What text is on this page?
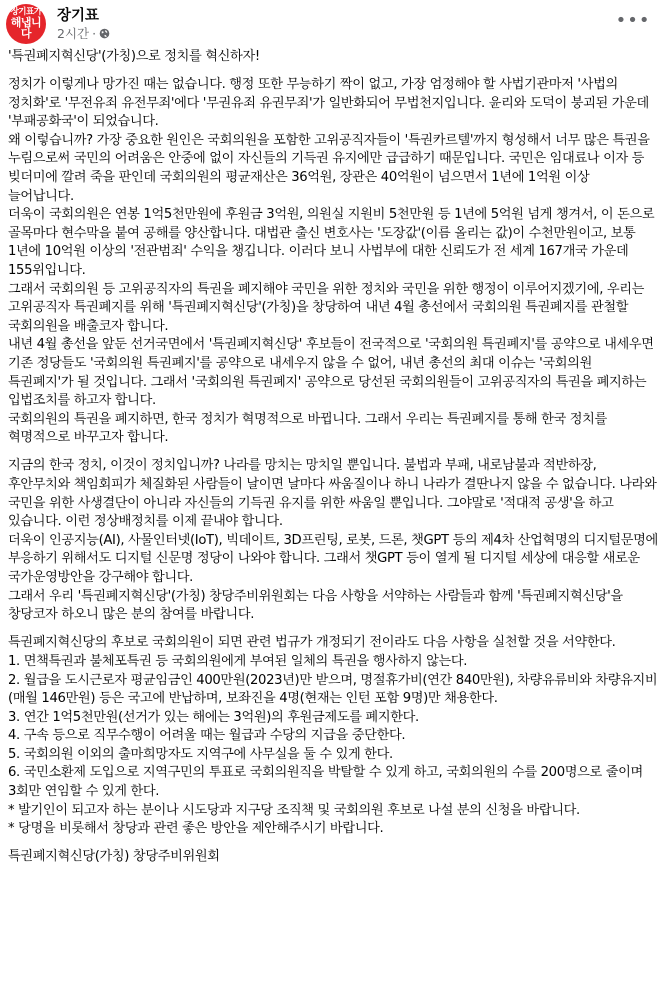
장기표가
해냅니다
장기표
2시간 ·
•••

'특권폐지혁신당'(가칭)으로 정치를 혁신하자!

정치가 이렇게나 망가진 때는 없습니다. 행정 또한 무능하기 짝이 없고, 가장 엄정해야 할 사법기관마저 '사법의 정치화'로 '무전유죄 유전무죄'에다 '무권유죄 유권무죄'가 일반화되어 무법천지입니다. 윤리와 도덕이 붕괴된 가운데 '부패공화국'이 되었습니다.

왜 이렇습니까? 가장 중요한 원인은 국회의원을 포함한 고위공직자들이 '특권카르텔'까지 형성해서 너무 많은 특권을 누림으로써 국민의 어려움은 안중에 없이 자신들의 기득권 유지에만 급급하기 때문입니다. 국민은 임대료나 이자 등 빚더미에 깔려 죽을 판인데 국회의원의 평균재산은 36억원, 장관은 40억원이 넘으면서 1년에 1억원 이상 늘어납니다.

더욱이 국회의원은 연봉 1억5천만원에 후원금 3억원, 의원실 지원비 5천만원 등 1년에 5억원 넘게 챙겨서, 이 돈으로 골목마다 현수막을 붙여 공해를 양산합니다. 대법관 출신 변호사는 '도장값'(이름 올리는 값)이 수천만원이고, 보통 1년에 10억원 이상의 '전관범죄' 수익을 챙깁니다. 이러다 보니 사법부에 대한 신뢰도가 전 세계 167개국 가운데 155위입니다.

그래서 국회의원 등 고위공직자의 특권을 폐지해야 국민을 위한 정치와 국민을 위한 행정이 이루어지겠기에, 우리는 고위공직자 특권폐지를 위해 '특권폐지혁신당'(가칭)을 창당하여 내년 4월 총선에서 국회의원 특권폐지를 관철할 국회의원을 배출코자 합니다.

내년 4월 총선을 앞둔 선거국면에서 '특권폐지혁신당' 후보들이 전국적으로 '국회의원 특권폐지'를 공약으로 내세우면 기존 정당들도 '국회의원 특권폐지'를 공약으로 내세우지 않을 수 없어, 내년 총선의 최대 이슈는 '국회의원 특권폐지'가 될 것입니다. 그래서 '국회의원 특권폐지' 공약으로 당선된 국회의원들이 고위공직자의 특권을 폐지하는 입법조치를 하고자 합니다.

국회의원의 특권을 폐지하면, 한국 정치가 혁명적으로 바뀝니다. 그래서 우리는 특권폐지를 통해 한국 정치를 혁명적으로 바꾸고자 합니다.

지금의 한국 정치, 이것이 정치입니까? 나라를 망치는 망치일 뿐입니다. 불법과 부패, 내로남불과 적반하장, 후안무치와 책임회피가 체질화된 사람들이 날이면 날마다 싸움질이나 하니 나라가 결딴나지 않을 수 없습니다. 나라와 국민을 위한 사생결단이 아니라 자신들의 기득권 유지를 위한 싸움일 뿐입니다. 그야말로 '적대적 공생'을 하고 있습니다. 이런 정상배정치를 이제 끝내야 합니다.

더욱이 인공지능(AI), 사물인터넷(IoT), 빅데이트, 3D프린팅, 로봇, 드론, 챗GPT 등의 제4차 산업혁명의 디지털문명에 부응하기 위해서도 디지털 신문명 정당이 나와야 합니다. 그래서 챗GPT 등이 열게 될 디지털 세상에 대응할 새로운 국가운영방안을 강구해야 합니다.

그래서 우리 '특권폐지혁신당'(가칭) 창당주비위원회는 다음 사항을 서약하는 사람들과 함께 '특권폐지혁신당'을 창당코자 하오니 많은 분의 참여를 바랍니다.

특권폐지혁신당의 후보로 국회의원이 되면 관련 법규가 개정되기 전이라도 다음 사항을 실천할 것을 서약한다.

1. 면책특권과 불체포특권 등 국회의원에게 부여된 일체의 특권을 행사하지 않는다.

2. 월급을 도시근로자 평균임금인 400만원(2023년)만 받으며, 명절휴가비(연간 840만원), 차량유류비와 차량유지비(매월 146만원) 등은 국고에 반납하며, 보좌진을 4명(현재는 인턴 포함 9명)만 채용한다.

3. 연간 1억5천만원(선거가 있는 해에는 3억원)의 후원금제도를 폐지한다.

4. 구속 등으로 직무수행이 어려울 때는 월급과 수당의 지급을 중단한다.

5. 국회의원 이외의 출마희망자도 지역구에 사무실을 둘 수 있게 한다.

6. 국민소환제 도입으로 지역구민의 투표로 국회의원직을 박탈할 수 있게 하고, 국회의원의 수를 200명으로 줄이며 3회만 연임할 수 있게 한다.

* 발기인이 되고자 하는 분이나 시도당과 지구당 조직책 및 국회의원 후보로 나설 분의 신청을 바랍니다.

* 당명을 비롯해서 창당과 관련 좋은 방안을 제안해주시기 바랍니다.

특권폐지혁신당(가칭) 창당주비위원회
